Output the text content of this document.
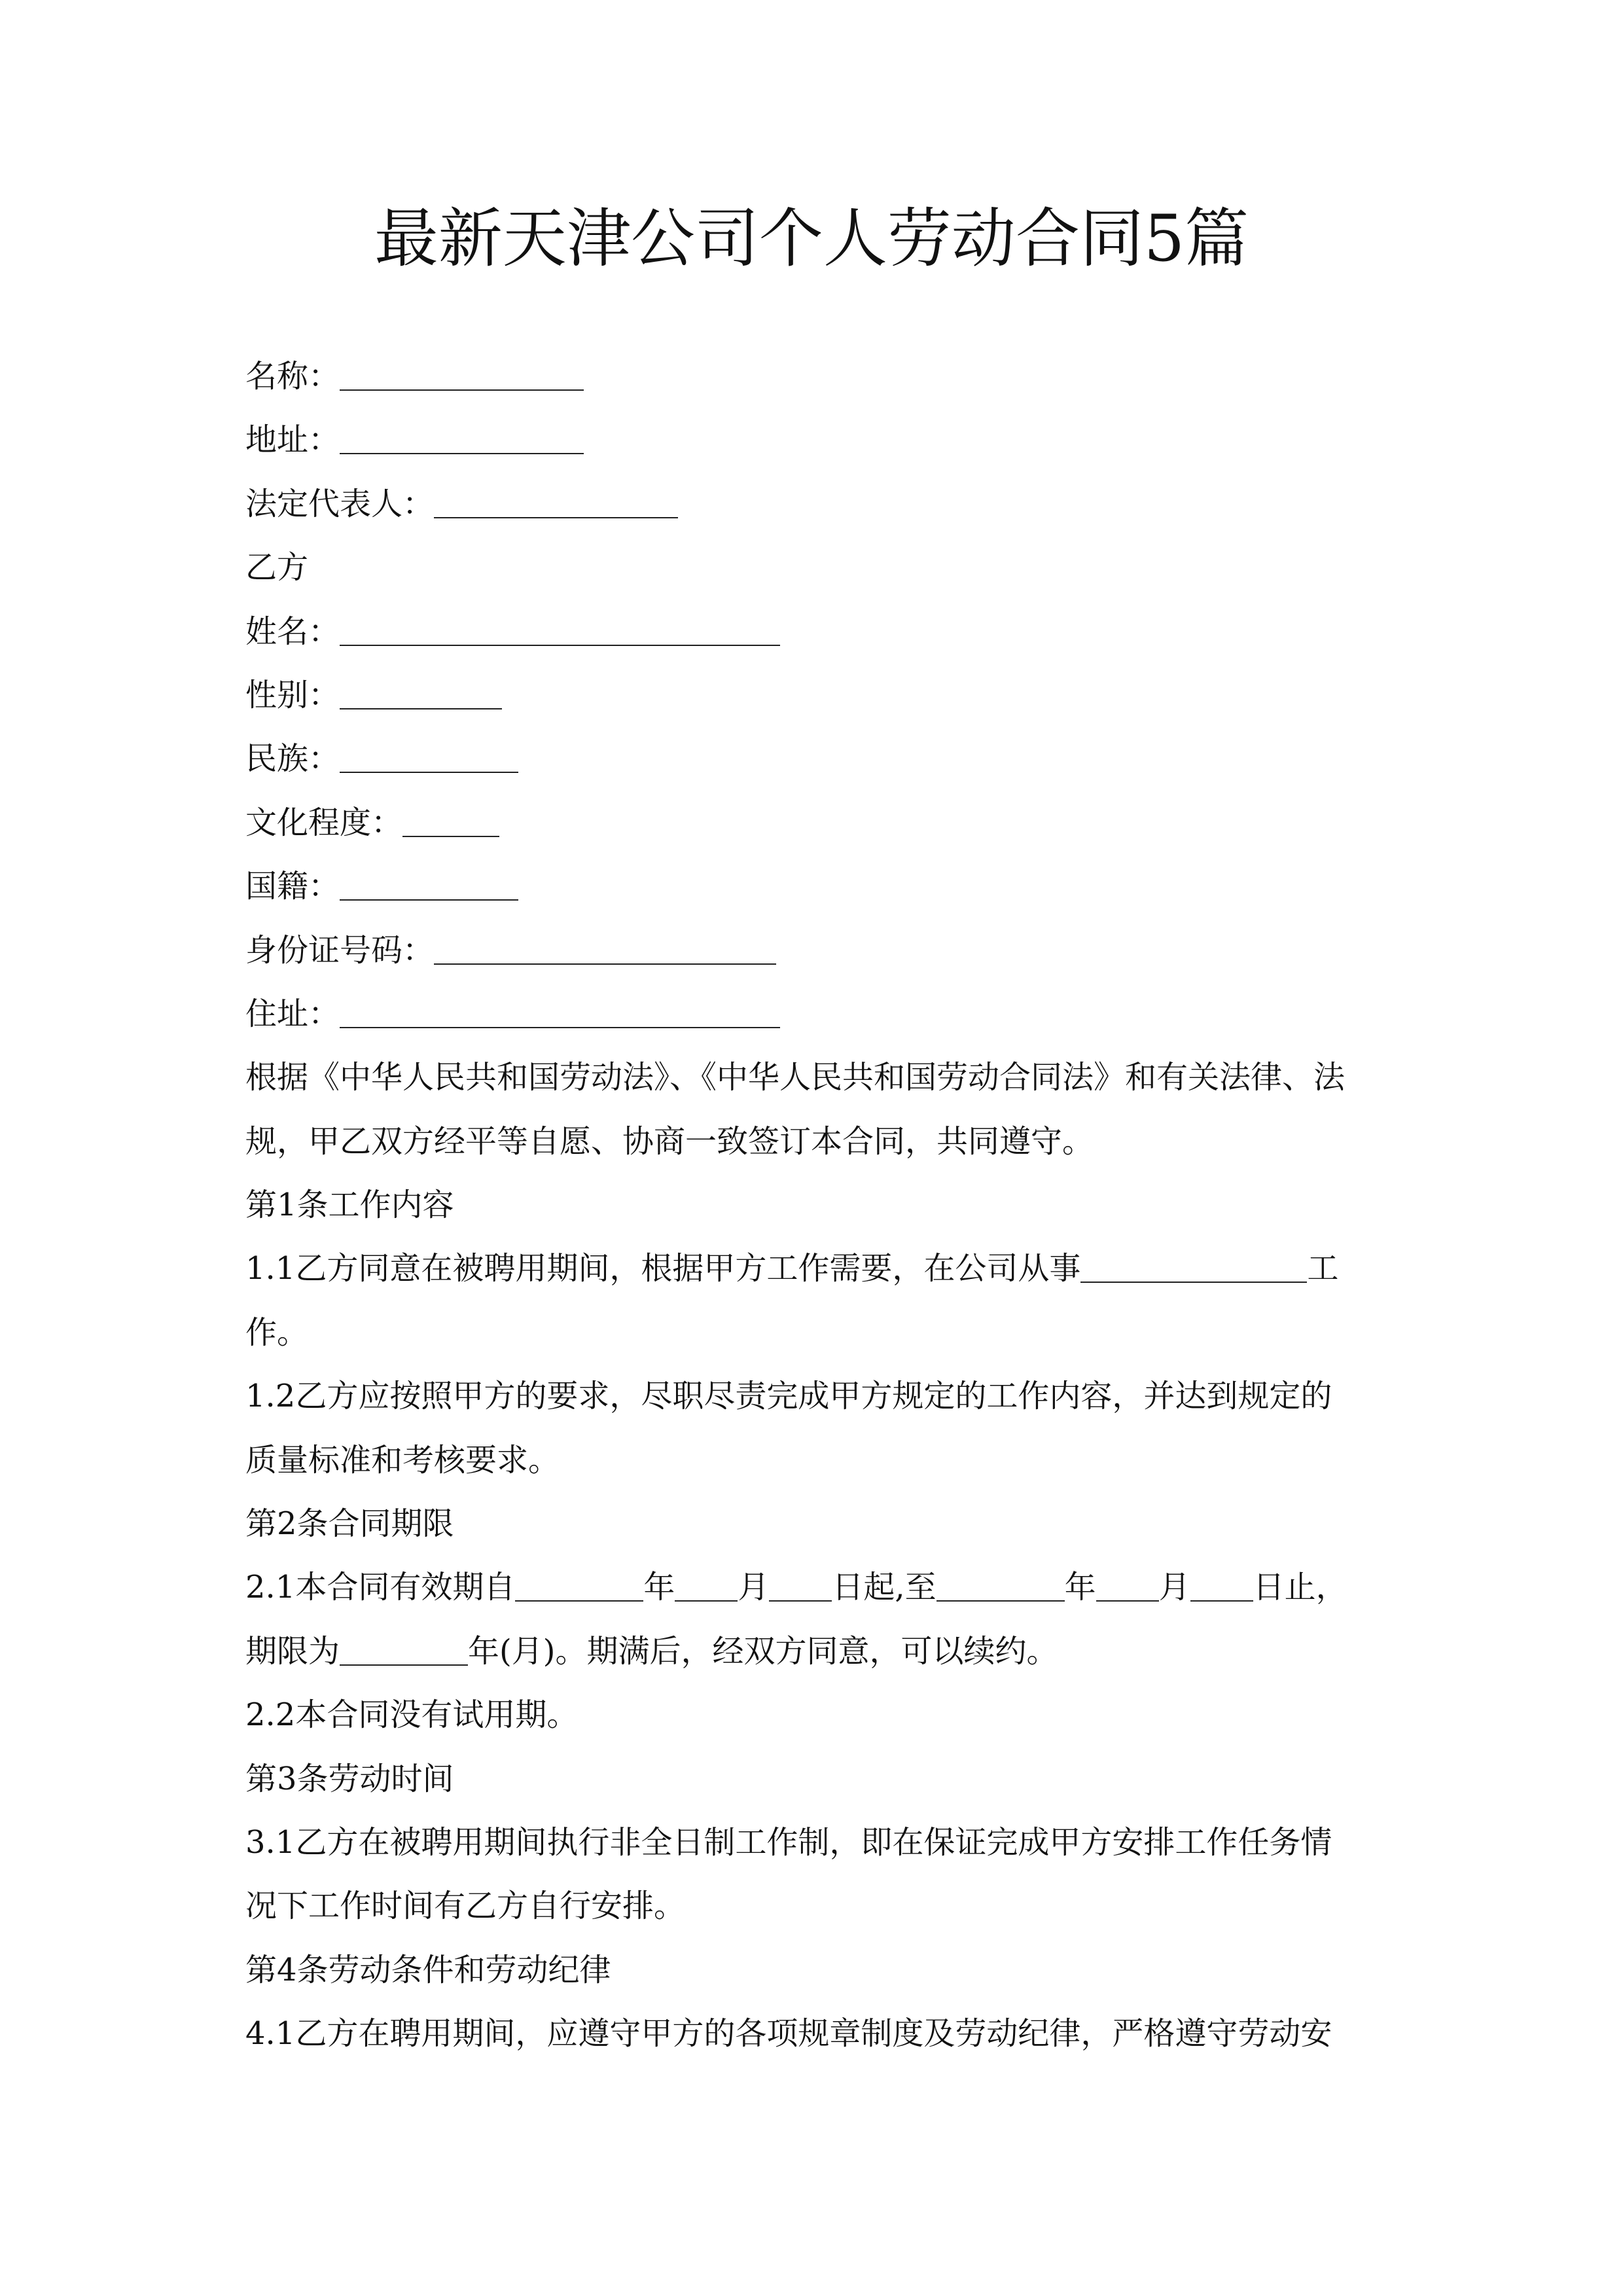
最新天津公司个人劳动合同5篇
名称：
地址：
法定代表人：
乙方
姓名：
性别：
民族：
文化程度：
国籍：
身份证号码：
住址：
根据《中华人民共和国劳动法》、《中华人民共和国劳动合同法》和有关法律、法
规，甲乙双方经平等自愿、协商一致签订本合同，共同遵守。
第1条工作内容
1.1乙方同意在被聘用期间，根据甲方工作需要，在公司从事	工
作。
1.2乙方应按照甲方的要求，尽职尽责完成甲方规定的工作内容，并达到规定的
质量标准和考核要求。
第2条合同期限
2.1本合同有效期自	年 月 日起,至	年 月 日止，
期限为	年(月)。期满后，经双方同意，可以续约。
2.2本合同没有试用期。
第3条劳动时间
3.1乙方在被聘用期间执行非全日制工作制，即在保证完成甲方安排工作任务情
况下工作时间有乙方自行安排。
第4条劳动条件和劳动纪律
4.1乙方在聘用期间，应遵守甲方的各项规章制度及劳动纪律，严格遵守劳动安
